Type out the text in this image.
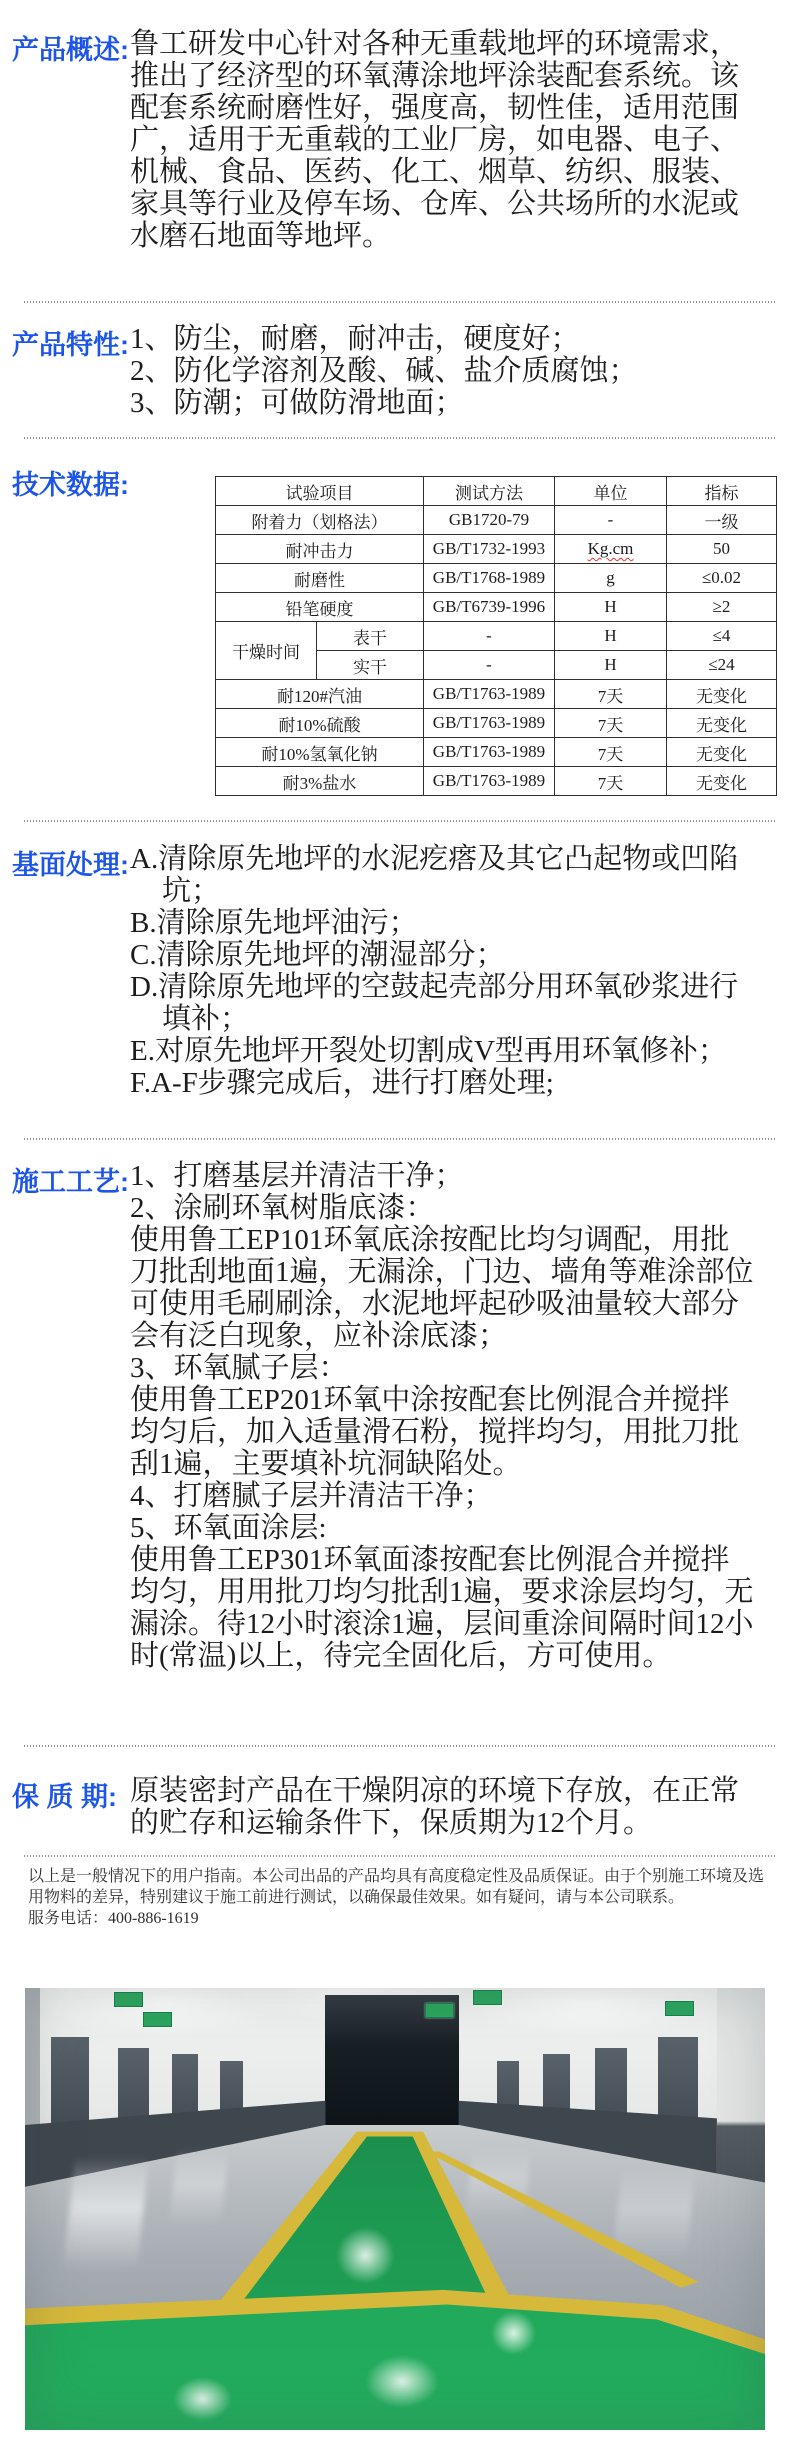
产品概述: 鲁工研发中心针对各种无重载地坪的环境需求，推出了经济型的环氧薄涂地坪涂装配套系统。该配套系统耐磨性好，强度高，韧性佳，适用范围广，适用于无重载的工业厂房，如电器、电子、机械、食品、医药、化工、烟草、纺织、服装、家具等行业及停车场、仓库、公共场所的水泥或水磨石地面等地坪。
产品特性: 1、防尘，耐磨，耐冲击，硬度好；
2、防化学溶剂及酸、碱、盐介质腐蚀；
3、防潮；可做防滑地面；
技术数据:	试验项目		测试方法	单位	指标
附着力（划格法）		GB1720-79	-	一级
耐冲击力		GB/T1732-1993	Kg.cm	50
耐磨性		GB/T1768-1989	g	≤0.02
铅笔硬度		GB/T6739-1996	H	≥2
干燥时间	表干	-	H	≤4
	实干	-	H	≤24
耐120#汽油		GB/T1763-1989	7天	无变化
耐10%硫酸		GB/T1763-1989	7天	无变化
耐10%氢氧化钠		GB/T1763-1989	7天	无变化
耐3%盐水		GB/T1763-1989	7天	无变化
基面处理: A.清除原先地坪的水泥疙瘩及其它凸起物或凹陷坑；
B.清除原先地坪油污；
C.清除原先地坪的潮湿部分；
D.清除原先地坪的空鼓起壳部分用环氧砂浆进行填补；
E.对原先地坪开裂处切割成V型再用环氧修补；
F.A-F步骤完成后，进行打磨处理;
施工工艺: 1、打磨基层并清洁干净；
2、涂刷环氧树脂底漆：
使用鲁工EP101环氧底涂按配比均匀调配，用批刀批刮地面1遍，无漏涂，门边、墙角等难涂部位可使用毛刷刷涂，水泥地坪起砂吸油量较大部分会有泛白现象，应补涂底漆；
3、环氧腻子层：
使用鲁工EP201环氧中涂按配套比例混合并搅拌均匀后，加入适量滑石粉，搅拌均匀，用批刀批刮1遍，主要填补坑洞缺陷处。
4、打磨腻子层并清洁干净；
5、环氧面涂层:
使用鲁工EP301环氧面漆按配套比例混合并搅拌均匀，用用批刀均匀批刮1遍，要求涂层均匀，无漏涂。待12小时滚涂1遍，层间重涂间隔时间12小时(常温)以上，待完全固化后，方可使用。
保 质 期: 原装密封产品在干燥阴凉的环境下存放，在正常的贮存和运输条件下，保质期为12个月。
以上是一般情况下的用户指南。本公司出品的产品均具有高度稳定性及品质保证。由于个别施工环境及选用物料的差异，特别建议于施工前进行测试，以确保最佳效果。如有疑问，请与本公司联系。
服务电话：400-886-1619
